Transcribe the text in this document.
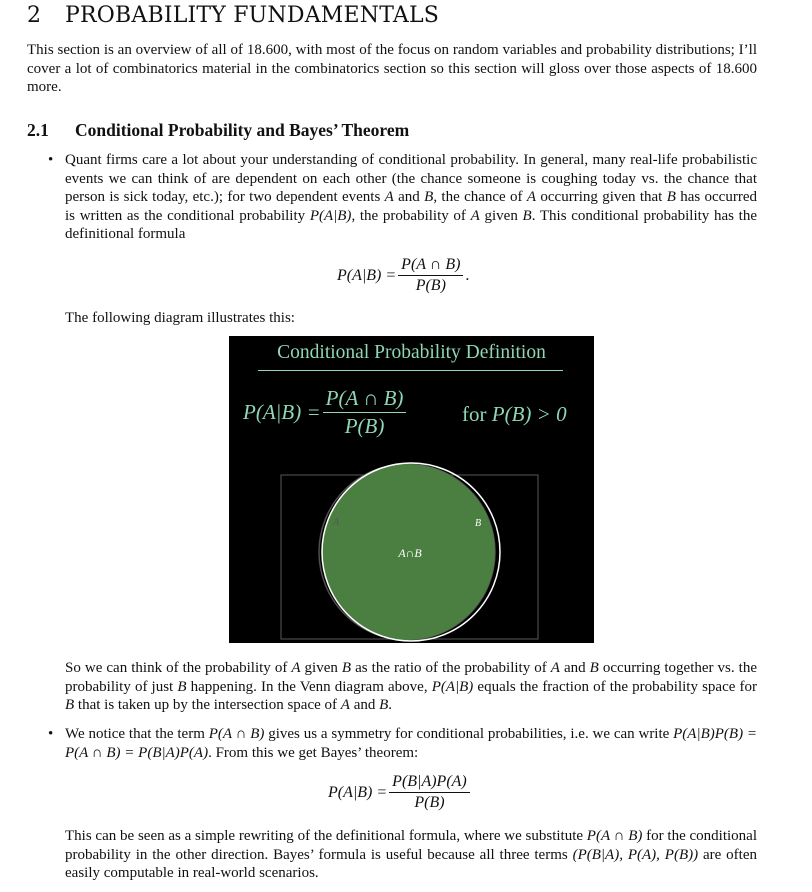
2 PROBABILITY FUNDAMENTALS
This section is an overview of all of 18.600, with most of the focus on random variables and probability distributions; I’ll cover a lot of combinatorics material in the combinatorics section so this section will gloss over those aspects of 18.600 more.
2.1 Conditional Probability and Bayes’ Theorem
• Quant firms care a lot about your understanding of conditional probability. In general, many real-life probabilistic events we can think of are dependent on each other (the chance someone is coughing today vs. the chance that person is sick today, etc.); for two dependent events A and B, the chance of A occurring given that B has occurred is written as the conditional probability P(A|B), the probability of A given B. This conditional probability has the definitional formula
$P(A|B) = \frac{P(A \cap B)}{P(B)}$ .
The following diagram illustrates this:
Conditional Probability Definition
$P(A|B) = \frac{P(A \cap B)}{P(B)}$	for P(B) > 0
A	B
A∩B
So we can think of the probability of A given B as the ratio of the probability of A and B occurring together vs. the probability of just B happening. In the Venn diagram above, P(A|B) equals the fraction of the probability space for B that is taken up by the intersection space of A and B.
• We notice that the term P(A ∩ B) gives us a symmetry for conditional probabilities, i.e. we can write P(A|B)P(B) = P(A ∩ B) = P(B|A)P(A). From this we get Bayes’ theorem:
$P(A|B) = \frac{P(B|A)P(A)}{P(B)}$
This can be seen as a simple rewriting of the definitional formula, where we substitute P(A ∩ B) for the conditional probability in the other direction. Bayes’ formula is useful because all three terms (P(B|A), P(A), P(B)) are often easily computable in real-world scenarios.
